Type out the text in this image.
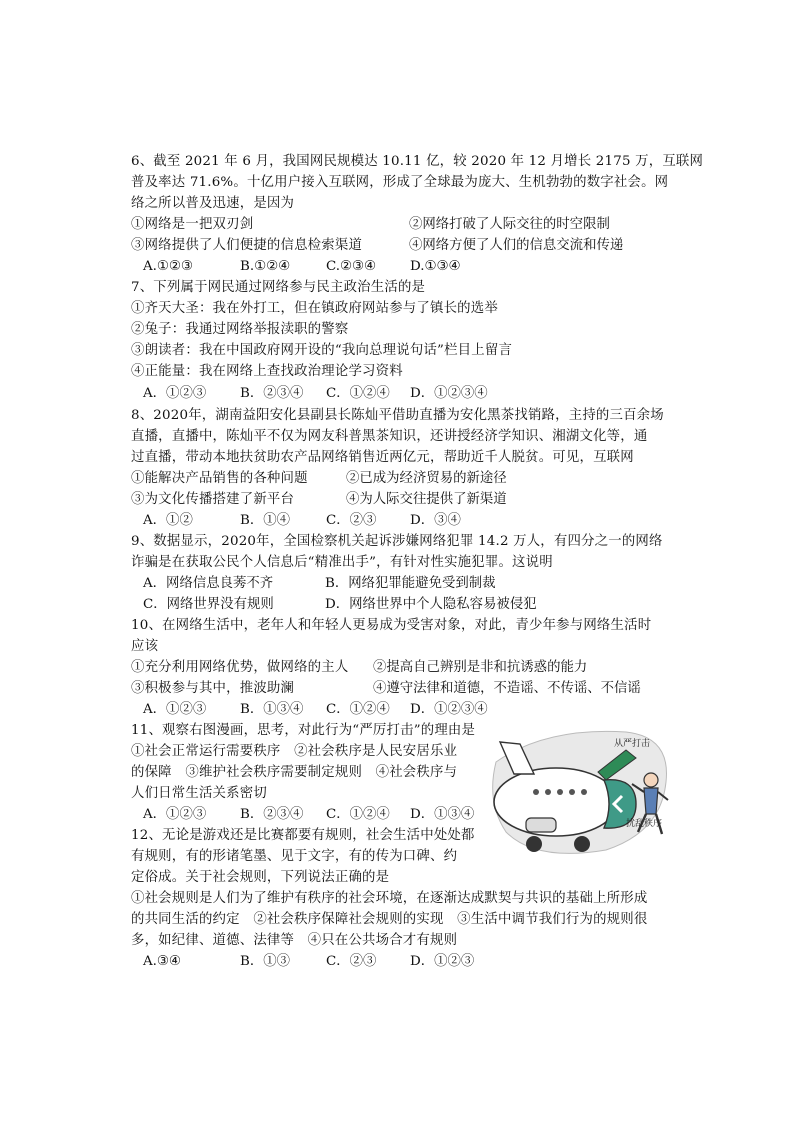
6、截至 2021 年 6 月，我国网民规模达 10.11 亿，较 2020 年 12 月增长 2175 万，互联网
普及率达 71.6%。十亿用户接入互联网，形成了全球最为庞大、生机勃勃的数字社会。网
络之所以普及迅速，是因为
①网络是一把双刃剑	②网络打破了人际交往的时空限制
③网络提供了人们便捷的信息检索渠道	④网络方便了人们的信息交流和传递
A.①②③	B.①②④	C.②③④	D.①③④
7、下列属于网民通过网络参与民主政治生活的是
①齐天大圣：我在外打工，但在镇政府网站参与了镇长的选举
②兔子：我通过网络举报渎职的警察
③朗读者：我在中国政府网开设的“我向总理说句话”栏目上留言
④正能量：我在网络上查找政治理论学习资料
A．①②③	B．②③④ C．①②④ D．①②③④
8、2020年，湖南益阳安化县副县长陈灿平借助直播为安化黑茶找销路，主持的三百余场
直播，直播中，陈灿平不仅为网友科普黑茶知识，还讲授经济学知识、湘湖文化等，通
过直播，带动本地扶贫助农产品网络销售近两亿元，帮助近千人脱贫。可见，互联网
①能解决产品销售的各种问题	②已成为经济贸易的新途径
③为文化传播搭建了新平台	④为人际交往提供了新渠道
A．①②	B．①④	C．②③	D．③④
9、数据显示，2020年，全国检察机关起诉涉嫌网络犯罪 14.2 万人，有四分之一的网络
诈骗是在获取公民个人信息后“精准出手”，有针对性实施犯罪。这说明
A．网络信息良莠不齐	B．网络犯罪能避免受到制裁
C．网络世界没有规则	D．网络世界中个人隐私容易被侵犯
10、在网络生活中，老年人和年轻人更易成为受害对象，对此，青少年参与网络生活时
应该
①充分利用网络优势，做网络的主人 ②提高自己辨别是非和抗诱惑的能力
③积极参与其中，推波助澜	④遵守法律和道德，不造谣、不传谣、不信谣
A．①②③	B．①③④ C．①②④ D．①②③④
11、观察右图漫画，思考，对此行为“严厉打击”的理由是
①社会正常运行需要秩序　②社会秩序是人民安居乐业
的保障　③维护社会秩序需要制定规则　④社会秩序与
人们日常生活关系密切
A．①②③	B．②③④ C．①②④ D．①③④
从严打击
扰乱秩序
12、无论是游戏还是比赛都要有规则，社会生活中处处都
有规则，有的形诸笔墨、见于文字，有的传为口碑、约
定俗成。关于社会规则，下列说法正确的是
①社会规则是人们为了维护有秩序的社会环境，在逐渐达成默契与共识的基础上所形成
的共同生活的约定　②社会秩序保障社会规则的实现　③生活中调节我们行为的规则很
多，如纪律、道德、法律等　④只在公共场合才有规则
A.③④	B．①③	C．②③	D．①②③
